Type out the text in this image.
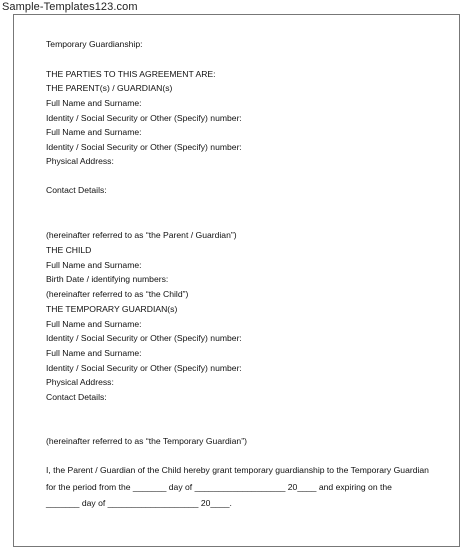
Sample-Templates123.com
Temporary Guardianship:
THE PARTIES TO THIS AGREEMENT ARE:
THE PARENT(s) / GUARDIAN(s)
Full Name and Surname:
Identity / Social Security or Other (Specify) number:
Full Name and Surname:
Identity / Social Security or Other (Specify) number:
Physical Address:
Contact Details:
(hereinafter referred to as “the Parent / Guardian”)
THE CHILD
Full Name and Surname:
Birth Date / identifying numbers:
(hereinafter referred to as “the Child”)
THE TEMPORARY GUARDIAN(s)
Full Name and Surname:
Identity / Social Security or Other (Specify) number:
Full Name and Surname:
Identity / Social Security or Other (Specify) number:
Physical Address:
Contact Details:
(hereinafter referred to as “the Temporary Guardian”)
I, the Parent / Guardian of the Child hereby grant temporary guardianship to the Temporary Guardian
for the period from the _______ day of ___________________ 20____ and expiring on the
_______ day of ___________________ 20____.
